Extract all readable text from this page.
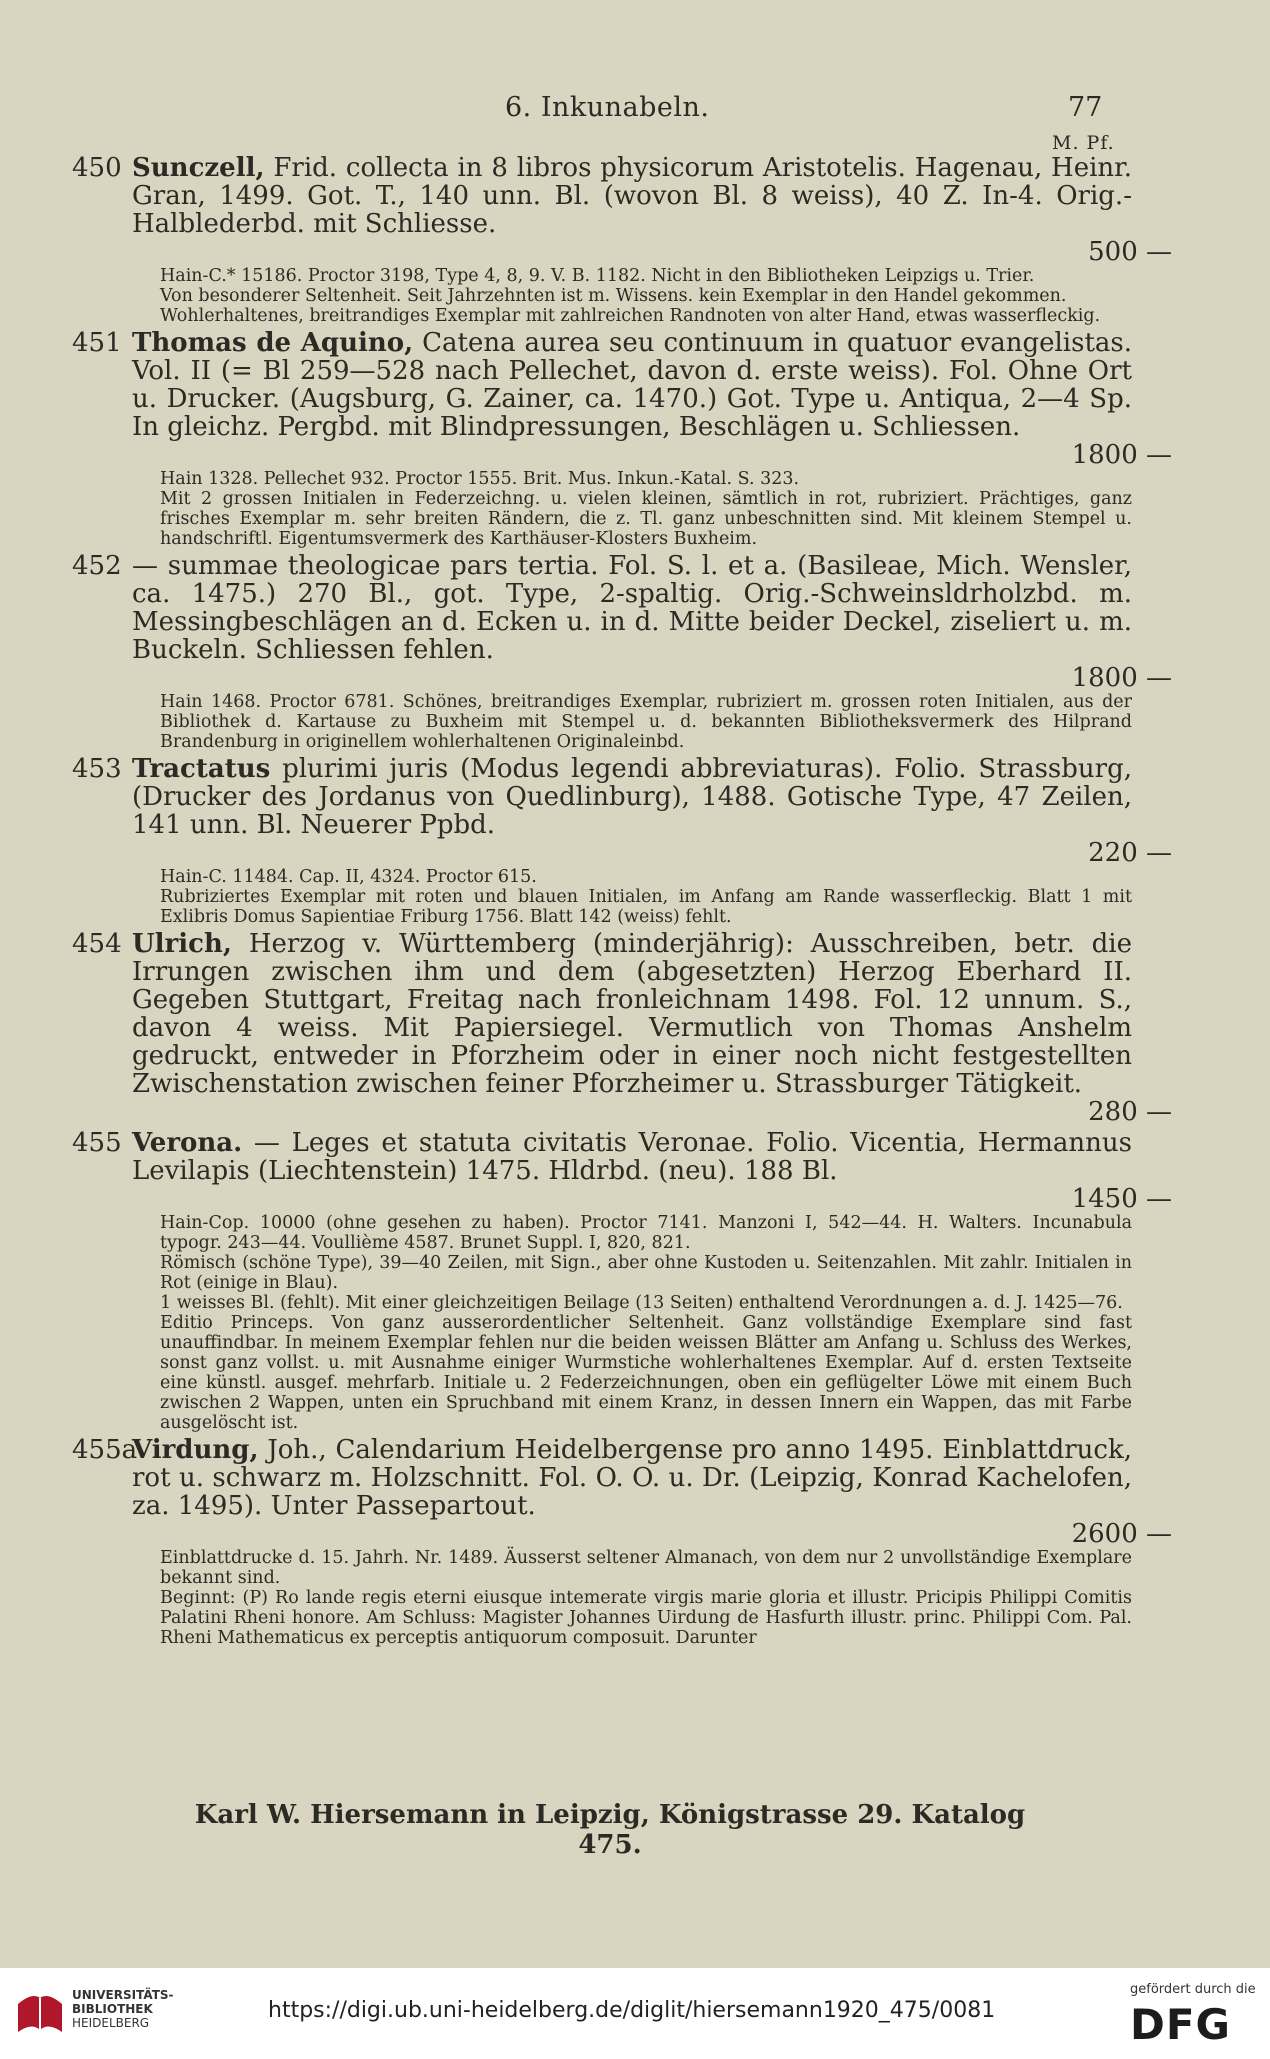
6. Inkunabeln.	77
M. Pf.
450 Sunczell, Frid. collecta in 8 libros physicorum Aristotelis. Hagenau, Heinr. Gran, 1499. Got. T., 140 unn. Bl. (wovon Bl. 8 weiss), 40 Z. In-4. Orig.-Halblederbd. mit Schliesse.
500 —
Hain-C.* 15186. Proctor 3198, Type 4, 8, 9. V. B. 1182. Nicht in den Bibliotheken Leipzigs u. Trier.
Von besonderer Seltenheit. Seit Jahrzehnten ist m. Wissens. kein Exemplar in den Handel gekommen.
Wohlerhaltenes, breitrandiges Exemplar mit zahlreichen Randnoten von alter Hand, etwas wasserfleckig.
451 Thomas de Aquino, Catena aurea seu continuum in quatuor evangelistas. Vol. II (= Bl 259—528 nach Pellechet, davon d. erste weiss). Fol. Ohne Ort u. Drucker. (Augsburg, G. Zainer, ca. 1470.) Got. Type u. Antiqua, 2—4 Sp. In gleichz. Pergbd. mit Blindpressungen, Beschlägen u. Schliessen.
1800 —
Hain 1328. Pellechet 932. Proctor 1555. Brit. Mus. Inkun.-Katal. S. 323.
Mit 2 grossen Initialen in Federzeichng. u. vielen kleinen, sämtlich in rot, rubriziert. Prächtiges, ganz frisches Exemplar m. sehr breiten Rändern, die z. Tl. ganz unbeschnitten sind. Mit kleinem Stempel u. handschriftl. Eigentumsvermerk des Karthäuser-Klosters Buxheim.
452 — summae theologicae pars tertia. Fol. S. l. et a. (Basileae, Mich. Wensler, ca. 1475.) 270 Bl., got. Type, 2-spaltig. Orig.-Schweinsldrholzbd. m. Messingbeschlägen an d. Ecken u. in d. Mitte beider Deckel, ziseliert u. m. Buckeln. Schliessen fehlen.
1800 —
Hain 1468. Proctor 6781. Schönes, breitrandiges Exemplar, rubriziert m. grossen roten Initialen, aus der Bibliothek d. Kartause zu Buxheim mit Stempel u. d. bekannten Bibliotheksvermerk des Hilprand Brandenburg in originellem wohlerhaltenen Originaleinbd.
453 Tractatus plurimi juris (Modus legendi abbreviaturas). Folio. Strassburg, (Drucker des Jordanus von Quedlinburg), 1488. Gotische Type, 47 Zeilen, 141 unn. Bl. Neuerer Ppbd.
220 —
Hain-C. 11484. Cap. II, 4324. Proctor 615.
Rubriziertes Exemplar mit roten und blauen Initialen, im Anfang am Rande wasserfleckig. Blatt 1 mit Exlibris Domus Sapientiae Friburg 1756. Blatt 142 (weiss) fehlt.
454 Ulrich, Herzog v. Württemberg (minderjährig): Ausschreiben, betr. die Irrungen zwischen ihm und dem (abgesetzten) Herzog Eberhard II. Gegeben Stuttgart, Freitag nach fronleichnam 1498. Fol. 12 unnum. S., davon 4 weiss. Mit Papiersiegel. Vermutlich von Thomas Anshelm gedruckt, entweder in Pforzheim oder in einer noch nicht festgestellten Zwischenstation zwischen feiner Pforzheimer u. Strassburger Tätigkeit.
280 —
455 Verona. — Leges et statuta civitatis Veronae. Folio. Vicentia, Hermannus Levilapis (Liechtenstein) 1475. Hldrbd. (neu). 188 Bl.
1450 —
Hain-Cop. 10000 (ohne gesehen zu haben). Proctor 7141. Manzoni I, 542—44. H. Walters. Incunabula typogr. 243—44. Voullième 4587. Brunet Suppl. I, 820, 821.
Römisch (schöne Type), 39—40 Zeilen, mit Sign., aber ohne Kustoden u. Seitenzahlen. Mit zahlr. Initialen in Rot (einige in Blau).
1 weisses Bl. (fehlt). Mit einer gleichzeitigen Beilage (13 Seiten) enthaltend Verordnungen a. d. J. 1425—76.
Editio Princeps. Von ganz ausserordentlicher Seltenheit. Ganz vollständige Exemplare sind fast unauffindbar. In meinem Exemplar fehlen nur die beiden weissen Blätter am Anfang u. Schluss des Werkes, sonst ganz vollst. u. mit Ausnahme einiger Wurmstiche wohlerhaltenes Exemplar. Auf d. ersten Textseite eine künstl. ausgef. mehrfarb. Initiale u. 2 Federzeichnungen, oben ein geflügelter Löwe mit einem Buch zwischen 2 Wappen, unten ein Spruchband mit einem Kranz, in dessen Innern ein Wappen, das mit Farbe ausgelöscht ist.
455a
Virdung, Joh., Calendarium Heidelbergense pro anno 1495. Einblattdruck, rot u. schwarz m. Holzschnitt. Fol. O. O. u. Dr. (Leipzig, Konrad Kachelofen, za. 1495). Unter Passepartout.
2600 —
Einblattdrucke d. 15. Jahrh. Nr. 1489. Äusserst seltener Almanach, von dem nur 2 unvollständige Exemplare bekannt sind.
Beginnt: (P) Ro lande regis eterni eiusque intemerate virgis marie gloria et illustr. Pricipis Philippi Comitis Palatini Rheni honore. Am Schluss: Magister Johannes Uirdung de Hasfurth illustr. princ. Philippi Com. Pal. Rheni Mathematicus ex perceptis antiquorum composuit. Darunter
Karl W. Hiersemann in Leipzig, Königstrasse 29. Katalog 475.
UNIVERSITÄTS-
BIBLIOTHEK
HEIDELBERG	https://digi.ub.uni-heidelberg.de/diglit/hiersemann1920_475/0081
gefördert durch die
DFG
